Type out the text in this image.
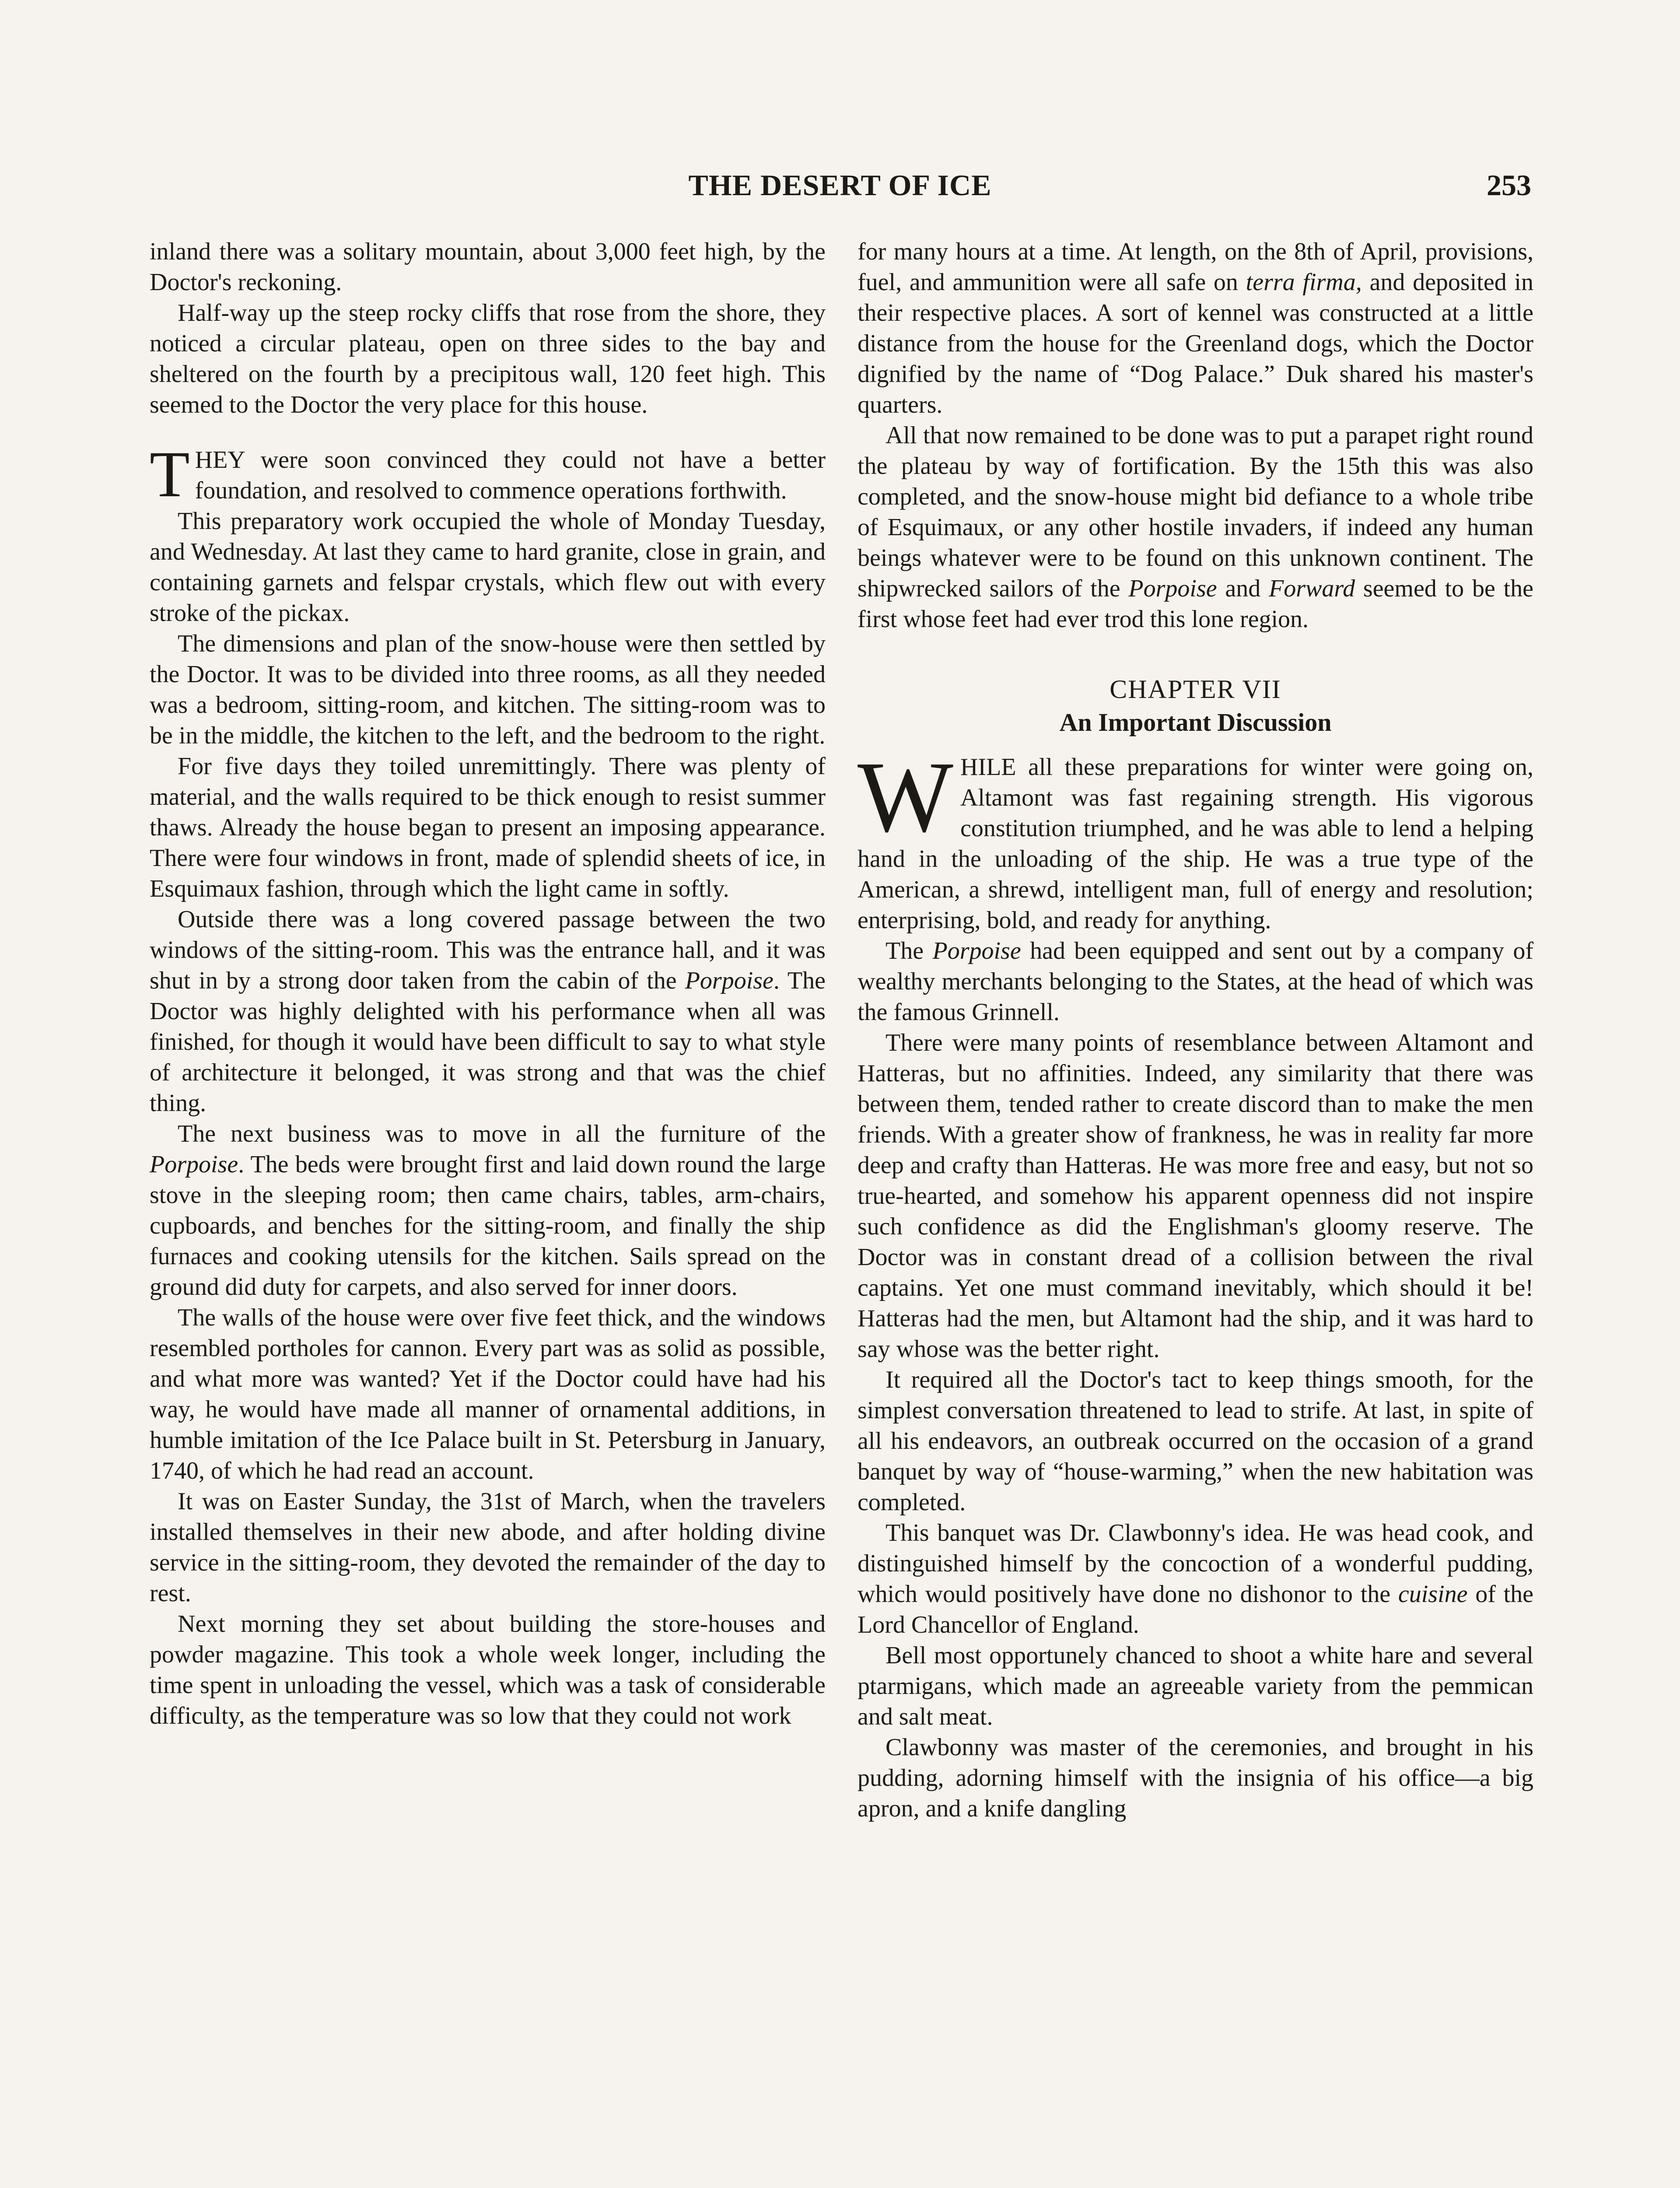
THE DESERT OF ICE	253

inland there was a solitary mountain, about 3,000 feet high, by the Doctor's reckoning.

Half-way up the steep rocky cliffs that rose from the shore, they noticed a circular plateau, open on three sides to the bay and sheltered on the fourth by a precipitous wall, 120 feet high. This seemed to the Doctor the very place for this house.

THEY were soon convinced they could not have a better foundation, and resolved to commence operations forthwith.

This preparatory work occupied the whole of Monday Tuesday, and Wednesday. At last they came to hard granite, close in grain, and containing garnets and felspar crystals, which flew out with every stroke of the pickax.

The dimensions and plan of the snow-house were then settled by the Doctor. It was to be divided into three rooms, as all they needed was a bedroom, sitting-room, and kitchen. The sitting-room was to be in the middle, the kitchen to the left, and the bedroom to the right.

For five days they toiled unremittingly. There was plenty of material, and the walls required to be thick enough to resist summer thaws. Already the house began to present an imposing appearance. There were four windows in front, made of splendid sheets of ice, in Esquimaux fashion, through which the light came in softly.

Outside there was a long covered passage between the two windows of the sitting-room. This was the entrance hall, and it was shut in by a strong door taken from the cabin of the Porpoise. The Doctor was highly delighted with his performance when all was finished, for though it would have been difficult to say to what style of architecture it belonged, it was strong and that was the chief thing.

The next business was to move in all the furniture of the Porpoise. The beds were brought first and laid down round the large stove in the sleeping room; then came chairs, tables, arm-chairs, cupboards, and benches for the sitting-room, and finally the ship furnaces and cooking utensils for the kitchen. Sails spread on the ground did duty for carpets, and also served for inner doors.

The walls of the house were over five feet thick, and the windows resembled portholes for cannon. Every part was as solid as possible, and what more was wanted? Yet if the Doctor could have had his way, he would have made all manner of ornamental additions, in humble imitation of the Ice Palace built in St. Petersburg in January, 1740, of which he had read an account.

It was on Easter Sunday, the 31st of March, when the travelers installed themselves in their new abode, and after holding divine service in the sitting-room, they devoted the remainder of the day to rest.

Next morning they set about building the store-houses and powder magazine. This took a whole week longer, including the time spent in unloading the vessel, which was a task of considerable difficulty, as the temperature was so low that they could not work

for many hours at a time. At length, on the 8th of April, provisions, fuel, and ammunition were all safe on terra firma, and deposited in their respective places. A sort of kennel was constructed at a little distance from the house for the Greenland dogs, which the Doctor dignified by the name of “Dog Palace.” Duk shared his master's quarters.

All that now remained to be done was to put a parapet right round the plateau by way of fortification. By the 15th this was also completed, and the snow-house might bid defiance to a whole tribe of Esquimaux, or any other hostile invaders, if indeed any human beings whatever were to be found on this unknown continent. The shipwrecked sailors of the Porpoise and Forward seemed to be the first whose feet had ever trod this lone region.

CHAPTER VII
An Important Discussion

WHILE all these preparations for winter were going on, Altamont was fast regaining strength. His vigorous constitution triumphed, and he was able to lend a helping hand in the unloading of the ship. He was a true type of the American, a shrewd, intelligent man, full of energy and resolution; enterprising, bold, and ready for anything.

The Porpoise had been equipped and sent out by a company of wealthy merchants belonging to the States, at the head of which was the famous Grinnell.

There were many points of resemblance between Altamont and Hatteras, but no affinities. Indeed, any similarity that there was between them, tended rather to create discord than to make the men friends. With a greater show of frankness, he was in reality far more deep and crafty than Hatteras. He was more free and easy, but not so true-hearted, and somehow his apparent openness did not inspire such confidence as did the Englishman's gloomy reserve. The Doctor was in constant dread of a collision between the rival captains. Yet one must command inevitably, which should it be! Hatteras had the men, but Altamont had the ship, and it was hard to say whose was the better right.

It required all the Doctor's tact to keep things smooth, for the simplest conversation threatened to lead to strife. At last, in spite of all his endeavors, an outbreak occurred on the occasion of a grand banquet by way of “house-warming,” when the new habitation was completed.

This banquet was Dr. Clawbonny's idea. He was head cook, and distinguished himself by the concoction of a wonderful pudding, which would positively have done no dishonor to the cuisine of the Lord Chancellor of England.

Bell most opportunely chanced to shoot a white hare and several ptarmigans, which made an agreeable variety from the pemmican and salt meat.

Clawbonny was master of the ceremonies, and brought in his pudding, adorning himself with the insignia of his office—a big apron, and a knife dangling
